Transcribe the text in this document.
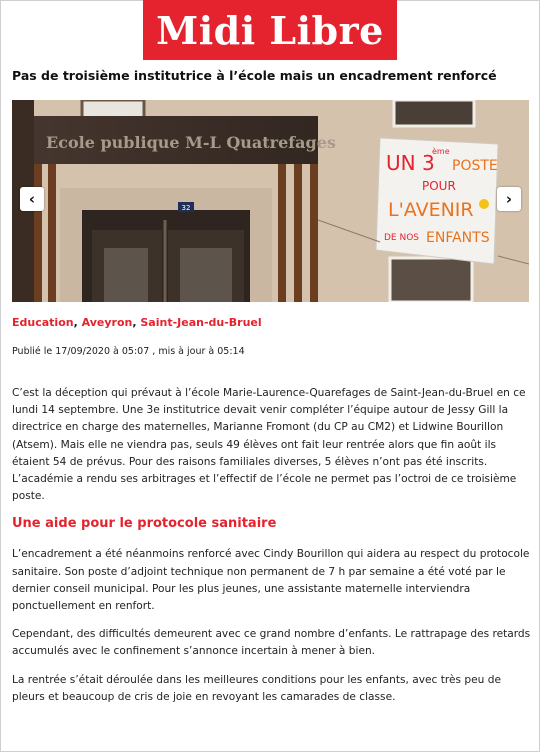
Midi Libre
Pas de troisième institutrice à l’école mais un encadrement renforcé
32
Ecole publique M-L Quatrefages
UN 3
ème
POSTE
POUR
L'AVENIR
DE NOS ENFANTS
‹	›
Education, Aveyron, Saint-Jean-du-Bruel
Publié le 17/09/2020 à 05:07 , mis à jour à 05:14

C’est la déception qui prévaut à l’école Marie-Laurence-Quarefages de Saint-Jean-du-Bruel en ce lundi 14 septembre. Une 3e institutrice devait venir compléter l’équipe autour de Jessy Gill la directrice en charge des maternelles, Marianne Fromont (du CP au CM2) et Lidwine Bourillon (Atsem). Mais elle ne viendra pas, seuls 49 élèves ont fait leur rentrée alors que fin août ils étaient 54 de prévus. Pour des raisons familiales diverses, 5 élèves n’ont pas été inscrits. L’académie a rendu ses arbitrages et l’effectif de l’école ne permet pas l’octroi de ce troisième poste.

Une aide pour le protocole sanitaire

L’encadrement a été néanmoins renforcé avec Cindy Bourillon qui aidera au respect du protocole sanitaire. Son poste d’adjoint technique non permanent de 7 h par semaine a été voté par le dernier conseil municipal. Pour les plus jeunes, une assistante maternelle interviendra ponctuellement en renfort.

Cependant, des difficultés demeurent avec ce grand nombre d’enfants. Le rattrapage des retards accumulés avec le confinement s’annonce incertain à mener à bien.

La rentrée s’était déroulée dans les meilleures conditions pour les enfants, avec très peu de pleurs et beaucoup de cris de joie en revoyant les camarades de classe.
